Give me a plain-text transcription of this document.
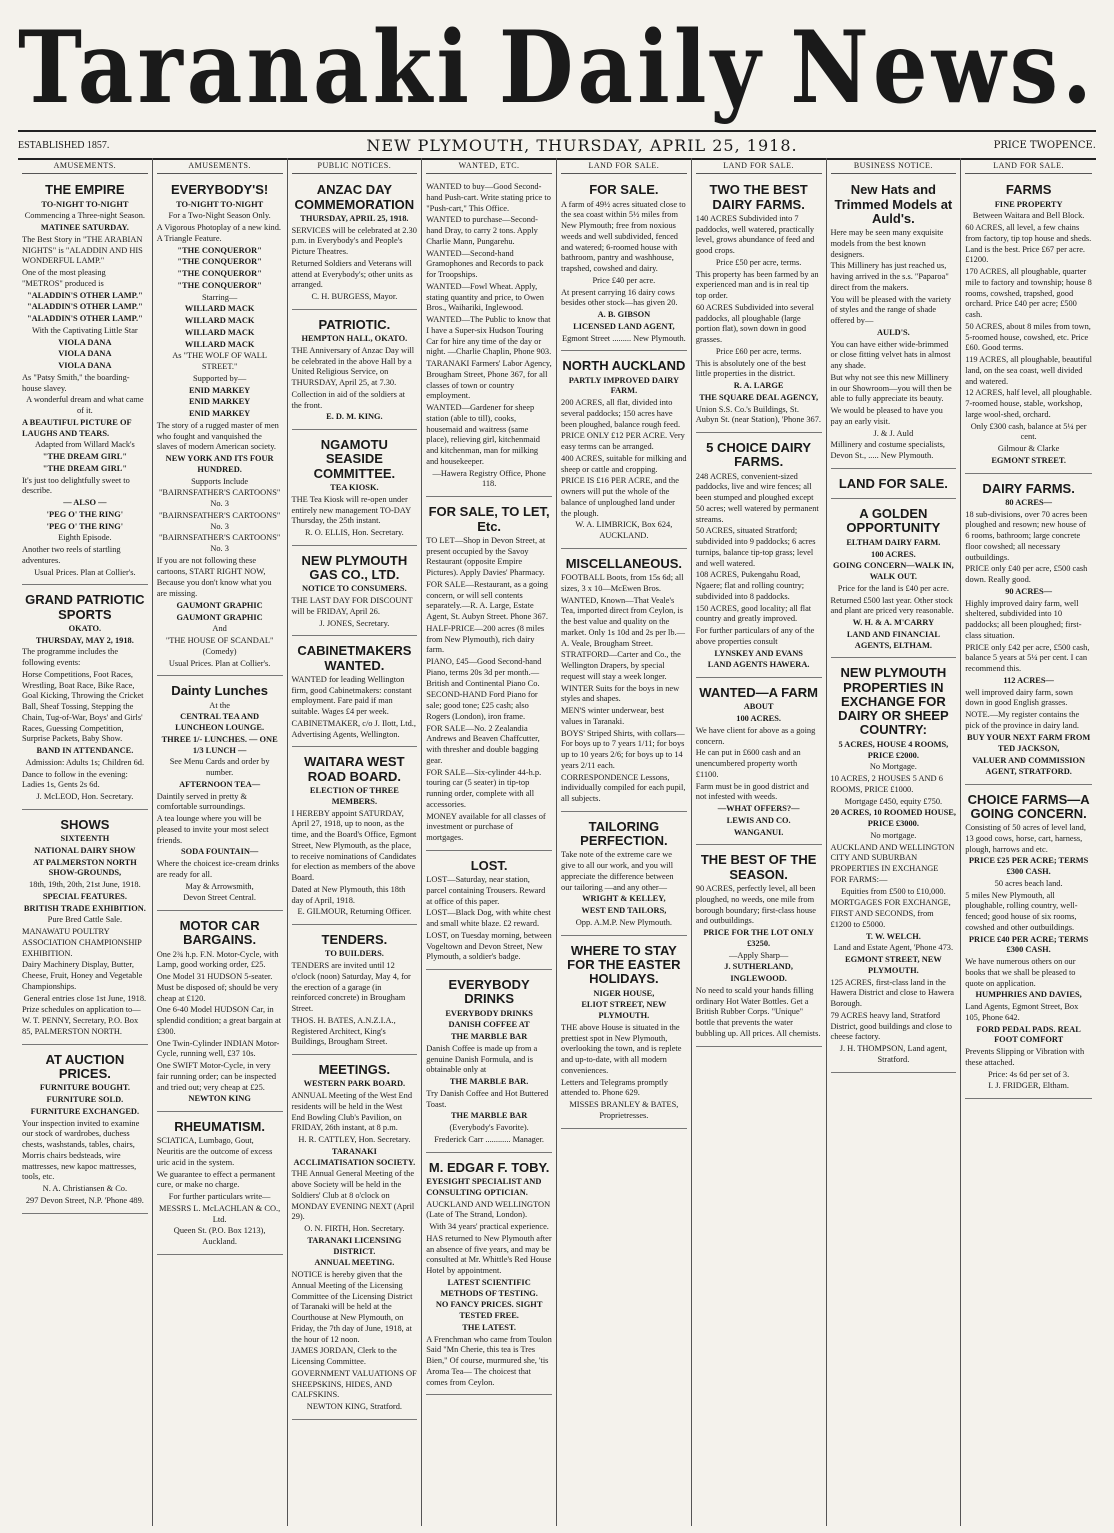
Taranaki Daily News.
ESTABLISHED 1857.	NEW PLYMOUTH, THURSDAY, APRIL 25, 1918.	PRICE TWOPENCE.
AMUSEMENTS.
THE EMPIRE

TO-NIGHT TO-NIGHT

Commencing a Three-night Season.

MATINEE SATURDAY.

The Best Story in "THE ARABIAN NIGHTS" is "ALADDIN AND HIS WONDERFUL LAMP."

One of the most pleasing "METROS" produced is

"ALADDIN'S OTHER LAMP."

"ALADDIN'S OTHER LAMP."

"ALADDIN'S OTHER LAMP."

With the Captivating Little Star

VIOLA DANA

VIOLA DANA

VIOLA DANA

As "Patsy Smith," the boarding-house slavey.

A wonderful dream and what came of it.

A BEAUTIFUL PICTURE OF LAUGHS AND TEARS.

Adapted from Willard Mack's

"THE DREAM GIRL"

"THE DREAM GIRL"

It's just too delightfully sweet to describe.

— ALSO —

'PEG O' THE RING'

'PEG O' THE RING'

Eighth Episode.

Another two reels of startling adventures.

Usual Prices. Plan at Collier's.

GRAND PATRIOTIC SPORTS

OKATO.

THURSDAY, MAY 2, 1918.

The programme includes the following events:

Horse Competitions, Foot Races, Wrestling, Boat Race, Bike Race, Goal Kicking, Throwing the Cricket Ball, Sheaf Tossing, Stepping the Chain, Tug-of-War, Boys' and Girls' Races, Guessing Competition, Surprise Packets, Baby Show.

BAND IN ATTENDANCE.

Admission: Adults 1s; Children 6d.

Dance to follow in the evening: Ladies 1s, Gents 2s 6d.

J. McLEOD, Hon. Secretary.

SHOWS

SIXTEENTH

NATIONAL DAIRY SHOW

AT PALMERSTON NORTH SHOW-GROUNDS,

18th, 19th, 20th, 21st June, 1918.

SPECIAL FEATURES.

BRITISH TRADE EXHIBITION.

Pure Bred Cattle Sale.

MANAWATU POULTRY ASSOCIATION CHAMPIONSHIP EXHIBITION.

Dairy Machinery Display, Butter, Cheese, Fruit, Honey and Vegetable Championships.

General entries close 1st June, 1918.

Prize schedules on application to— W. T. PENNY, Secretary, P.O. Box 85, PALMERSTON NORTH.

AT AUCTION PRICES.

FURNITURE BOUGHT.

FURNITURE SOLD.

FURNITURE EXCHANGED.

Your inspection invited to examine our stock of wardrobes, duchess chests, washstands, tables, chairs, Morris chairs bedsteads, wire mattresses, new kapoc mattresses, tools, etc.

N. A. Christiansen & Co.

297 Devon Street, N.P. 'Phone 489.

AMUSEMENTS.
EVERYBODY'S!

TO-NIGHT TO-NIGHT

For a Two-Night Season Only.

A Vigorous Photoplay of a new kind. A Triangle Feature.

"THE CONQUEROR"

"THE CONQUEROR"

"THE CONQUEROR"

"THE CONQUEROR"

Starring—

WILLARD MACK

WILLARD MACK

WILLARD MACK

WILLARD MACK

As "THE WOLF OF WALL STREET."

Supported by—

ENID MARKEY

ENID MARKEY

ENID MARKEY

The story of a rugged master of men who fought and vanquished the slaves of modern American society.

NEW YORK AND ITS FOUR HUNDRED.

Supports Include

"BAIRNSFATHER'S CARTOONS" No. 3

"BAIRNSFATHER'S CARTOONS" No. 3

"BAIRNSFATHER'S CARTOONS" No. 3

If you are not following these cartoons, START RIGHT NOW,

Because you don't know what you are missing.

GAUMONT GRAPHIC

GAUMONT GRAPHIC

And

"THE HOUSE OF SCANDAL" (Comedy)

Usual Prices. Plan at Collier's.

Dainty Lunches

At the

CENTRAL TEA AND LUNCHEON LOUNGE.

THREE 1/- LUNCHES. — ONE 1/3 LUNCH —

See Menu Cards and order by number.

AFTERNOON TEA—

Daintily served in pretty & comfortable surroundings.

A tea lounge where you will be pleased to invite your most select friends.

SODA FOUNTAIN—

Where the choicest ice-cream drinks are ready for all.

May & Arrowsmith,

Devon Street Central.

MOTOR CAR BARGAINS.

One 2¾ h.p. F.N. Motor-Cycle, with Lamp, good working order, £25.

One Model 31 HUDSON 5-seater. Must be disposed of; should be very cheap at £120.

One 6-40 Model HUDSON Car, in splendid condition; a great bargain at £300.

One Twin-Cylinder INDIAN Motor-Cycle, running well, £37 10s.

One SWIFT Motor-Cycle, in very fair running order; can be inspected and tried out; very cheap at £25.

NEWTON KING

RHEUMATISM.

SCIATICA, Lumbago, Gout, Neuritis are the outcome of excess uric acid in the system.

We guarantee to effect a permanent cure, or make no charge.

For further particulars write—

MESSRS L. McLACHLAN & CO., Ltd.

Queen St. (P.O. Box 1213), Auckland.

PUBLIC NOTICES.
ANZAC DAY COMMEMORATION

THURSDAY, APRIL 25, 1918.

SERVICES will be celebrated at 2.30 p.m. in Everybody's and People's Picture Theatres.

Returned Soldiers and Veterans will attend at Everybody's; other units as arranged.

C. H. BURGESS, Mayor.

PATRIOTIC.

HEMPTON HALL, OKATO.

THE Anniversary of Anzac Day will be celebrated in the above Hall by a United Religious Service, on THURSDAY, April 25, at 7.30.

Collection in aid of the soldiers at the front.

E. D. M. KING.

NGAMOTU SEASIDE COMMITTEE.

TEA KIOSK.

THE Tea Kiosk will re-open under entirely new management TO-DAY Thursday, the 25th instant.

R. O. ELLIS, Hon. Secretary.

NEW PLYMOUTH GAS CO., LTD.

NOTICE TO CONSUMERS.

THE LAST DAY FOR DISCOUNT will be FRIDAY, April 26.

J. JONES, Secretary.

CABINETMAKERS WANTED.

WANTED for leading Wellington firm, good Cabinetmakers: constant employment. Fare paid if man suitable. Wages £4 per week.

CABINETMAKER, c/o J. Ilott, Ltd., Advertising Agents, Wellington.

WAITARA WEST ROAD BOARD.

ELECTION OF THREE MEMBERS.

I HEREBY appoint SATURDAY, April 27, 1918, up to noon, as the time, and the Board's Office, Egmont Street, New Plymouth, as the place, to receive nominations of Candidates for election as members of the above Board.

Dated at New Plymouth, this 18th day of April, 1918.

E. GILMOUR, Returning Officer.

TENDERS.

TO BUILDERS.

TENDERS are invited until 12 o'clock (noon) Saturday, May 4, for the erection of a garage (in reinforced concrete) in Brougham Street.

THOS. H. BATES, A.N.Z.I.A., Registered Architect, King's Buildings, Brougham Street.

MEETINGS.

WESTERN PARK BOARD.

ANNUAL Meeting of the West End residents will be held in the West End Bowling Club's Pavilion, on FRIDAY, 26th instant, at 8 p.m.

H. R. CATTLEY, Hon. Secretary.

TARANAKI ACCLIMATISATION SOCIETY.

THE Annual General Meeting of the above Society will be held in the Soldiers' Club at 8 o'clock on MONDAY EVENING NEXT (April 29).

O. N. FIRTH, Hon. Secretary.

TARANAKI LICENSING DISTRICT.

ANNUAL MEETING.

NOTICE is hereby given that the Annual Meeting of the Licensing Committee of the Licensing District of Taranaki will be held at the Courthouse at New Plymouth, on Friday, the 7th day of June, 1918, at the hour of 12 noon.

JAMES JORDAN, Clerk to the Licensing Committee.

GOVERNMENT VALUATIONS OF SHEEPSKINS, HIDES, AND CALFSKINS.

NEWTON KING, Stratford.

WANTED, ETC.

WANTED to buy—Good Second-hand Push-cart. Write stating price to "Push-cart," This Office.

WANTED to purchase—Second-hand Dray, to carry 2 tons. Apply Charlie Mann, Pungarehu.

WANTED—Second-hand Gramophones and Records to pack for Troopships.

WANTED—Fowl Wheat. Apply, stating quantity and price, to Owen Bros., Waihariki, Inglewood.

WANTED—The Public to know that I have a Super-six Hudson Touring Car for hire any time of the day or night. —Charlie Chaplin, Phone 903.

TARANAKI Farmers' Labor Agency, Brougham Street, Phone 367, for all classes of town or country employment.

WANTED—Gardener for sheep station (able to till), cooks, housemaid and waitress (same place), relieving girl, kitchenmaid and kitchenman, man for milking and housekeeper.

—Hawera Registry Office, Phone 118.

FOR SALE, TO LET, Etc.

TO LET—Shop in Devon Street, at present occupied by the Savoy Restaurant (opposite Empire Pictures). Apply Davies' Pharmacy.

FOR SALE—Restaurant, as a going concern, or will sell contents separately.—R. A. Large, Estate Agent, St. Aubyn Street. Phone 367.

HALF-PRICE—200 acres (8 miles from New Plymouth), rich dairy farm.

PIANO, £45—Good Second-hand Piano, terms 20s 3d per month.—British and Continental Piano Co.

SECOND-HAND Ford Piano for sale; good tone; £25 cash; also Rogers (London), iron frame.

FOR SALE—No. 2 Zealandia Andrews and Beaven Chaffcutter, with thresher and double bagging gear.

FOR SALE—Six-cylinder 44-h.p. touring car (5 seater) in tip-top running order, complete with all accessories.

MONEY available for all classes of investment or purchase of mortgages.

LOST.

LOST—Saturday, near station, parcel containing Trousers. Reward at office of this paper.

LOST—Black Dog, with white chest and small white blaze. £2 reward.

LOST, on Tuesday morning, between Vogeltown and Devon Street, New Plymouth, a soldier's badge.

EVERYBODY DRINKS

EVERYBODY DRINKS

DANISH COFFEE AT

THE MARBLE BAR

Danish Coffee is made up from a genuine Danish Formula, and is obtainable only at

THE MARBLE BAR.

Try Danish Coffee and Hot Buttered Toast.

THE MARBLE BAR

(Everybody's Favorite).

Frederick Carr ............ Manager.

M. EDGAR F. TOBY.

EYESIGHT SPECIALIST AND CONSULTING OPTICIAN.

AUCKLAND AND WELLINGTON (Late of The Strand, London).

With 34 years' practical experience.

HAS returned to New Plymouth after an absence of five years, and may be consulted at Mr. Whittle's Red House Hotel by appointment.

LATEST SCIENTIFIC METHODS OF TESTING.

NO FANCY PRICES. SIGHT TESTED FREE.

THE LATEST.

A Frenchman who came from Toulon Said "Mn Cherie, this tea is Tres Bien," Of course, murmured she, 'tis Aroma Tea— The choicest that comes from Ceylon.

LAND FOR SALE.
FOR SALE.

A farm of 49½ acres situated close to the sea coast within 5½ miles from New Plymouth; free from noxious weeds and well subdivided, fenced and watered; 6-roomed house with bathroom, pantry and washhouse, trapshed, cowshed and dairy.

Price £40 per acre.

At present carrying 16 dairy cows besides other stock—has given 20.

A. B. GIBSON

LICENSED LAND AGENT,

Egmont Street ......... New Plymouth.

NORTH AUCKLAND

PARTLY IMPROVED DAIRY FARM.

200 ACRES, all flat, divided into several paddocks; 150 acres have been ploughed, balance rough feed.

PRICE ONLY £12 PER ACRE. Very easy terms can be arranged.

400 ACRES, suitable for milking and sheep or cattle and cropping.

PRICE IS £16 PER ACRE, and the owners will put the whole of the balance of unploughed land under the plough.

W. A. LIMBRICK, Box 624, AUCKLAND.

MISCELLANEOUS.

FOOTBALL Boots, from 15s 6d; all sizes, 3 x 10—McEwen Bros.

WANTED, Known—That Veale's Tea, imported direct from Ceylon, is the best value and quality on the market. Only 1s 10d and 2s per lb.—A. Veale, Brougham Street.

STRATFORD—Carter and Co., the Wellington Drapers, by special request will stay a week longer.

WINTER Suits for the boys in new styles and shapes.

MEN'S winter underwear, best values in Taranaki.

BOYS' Striped Shirts, with collars—For boys up to 7 years 1/11; for boys up to 10 years 2/6; for boys up to 14 years 2/11 each.

CORRESPONDENCE Lessons, individually compiled for each pupil, all subjects.

TAILORING PERFECTION.

Take note of the extreme care we give to all our work, and you will appreciate the difference between our tailoring —and any other—

WRIGHT & KELLEY,

WEST END TAILORS,

Opp. A.M.P. New Plymouth.

WHERE TO STAY FOR THE EASTER HOLIDAYS.

NIGER HOUSE,

ELIOT STREET, NEW PLYMOUTH.

THE above House is situated in the prettiest spot in New Plymouth, overlooking the town, and is replete and up-to-date, with all modern conveniences.

Letters and Telegrams promptly attended to. Phone 629.

MISSES BRANLEY & BATES, Proprietresses.

LAND FOR SALE.
TWO THE BEST DAIRY FARMS.

140 ACRES Subdivided into 7 paddocks, well watered, practically level, grows abundance of feed and good crops.

Price £50 per acre, terms.

This property has been farmed by an experienced man and is in real tip top order.

60 ACRES Subdivided into several paddocks, all ploughable (large portion flat), sown down in good grasses.

Price £60 per acre, terms.

This is absolutely one of the best little properties in the district.

R. A. LARGE

THE SQUARE DEAL AGENCY,

Union S.S. Co.'s Buildings, St. Aubyn St. (near Station), 'Phone 367.

5 CHOICE DAIRY FARMS.

248 ACRES, convenient-sized paddocks, live and wire fences; all been stumped and ploughed except 50 acres; well watered by permanent streams.

50 ACRES, situated Stratford; subdivided into 9 paddocks; 6 acres turnips, balance tip-top grass; level and well watered.

108 ACRES, Pukengahu Road, Ngaere; flat and rolling country; subdivided into 8 paddocks.

150 ACRES, good locality; all flat country and greatly improved.

For further particulars of any of the above properties consult

LYNSKEY AND EVANS

LAND AGENTS HAWERA.

WANTED—A FARM

ABOUT

100 ACRES.

We have client for above as a going concern.

He can put in £600 cash and an unencumbered property worth £1100.

Farm must be in good district and not infested with weeds.

—WHAT OFFERS?—

LEWIS AND CO.

WANGANUI.

THE BEST OF THE SEASON.

90 ACRES, perfectly level, all been ploughed, no weeds, one mile from borough boundary; first-class house and outbuildings.

PRICE FOR THE LOT ONLY £3250.

—Apply Sharp—

J. SUTHERLAND,

INGLEWOOD.

No need to scald your hands filling ordinary Hot Water Bottles. Get a British Rubber Corps. "Unique" bottle that prevents the water bubbling up. All prices. All chemists.

BUSINESS NOTICE.
New Hats and Trimmed Models at Auld's.

Here may be seen many exquisite models from the best known designers.

This Millinery has just reached us, having arrived in the s.s. "Paparoa" direct from the makers.

You will be pleased with the variety of styles and the range of shade offered by—

AULD'S.

You can have either wide-brimmed or close fitting velvet hats in almost any shade.

But why not see this new Millinery in our Showroom—you will then be able to fully appreciate its beauty.

We would be pleased to have you pay an early visit.

J. & J. Auld

Millinery and costume specialists, Devon St., ..... New Plymouth.

LAND FOR SALE.
A GOLDEN OPPORTUNITY

ELTHAM DAIRY FARM.

100 ACRES.

GOING CONCERN—WALK IN, WALK OUT.

Price for the land is £40 per acre.

Returned £500 last year. Other stock and plant are priced very reasonable.

W. H. & A. M'CARRY

LAND AND FINANCIAL AGENTS, ELTHAM.

NEW PLYMOUTH PROPERTIES IN EXCHANGE FOR DAIRY OR SHEEP COUNTRY:

5 ACRES, HOUSE 4 ROOMS, PRICE £2000.

No Mortgage.

10 ACRES, 2 HOUSES 5 AND 6 ROOMS, PRICE £1000.

Mortgage £450, equity £750.

20 ACRES, 10 ROOMED HOUSE, PRICE £3000.

No mortgage.

AUCKLAND AND WELLINGTON CITY AND SUBURBAN PROPERTIES IN EXCHANGE FOR FARMS:—

Equities from £500 to £10,000.

MORTGAGES FOR EXCHANGE, FIRST AND SECONDS, from £1200 to £5000.

T. W. WELCH.

Land and Estate Agent, 'Phone 473.

EGMONT STREET, NEW PLYMOUTH.

125 ACRES, first-class land in the Hawera District and close to Hawera Borough.

79 ACRES heavy land, Stratford District, good buildings and close to cheese factory.

J. H. THOMPSON, Land agent, Stratford.

LAND FOR SALE.
FARMS

FINE PROPERTY

Between Waitara and Bell Block.

60 ACRES, all level, a few chains from factory, tip top house and sheds. Land is the best. Price £67 per acre. £1200.

170 ACRES, all ploughable, quarter mile to factory and township; house 8 rooms, cowshed, trapshed, good orchard. Price £40 per acre; £500 cash.

50 ACRES, about 8 miles from town, 5-roomed house, cowshed, etc. Price £60. Good terms.

119 ACRES, all ploughable, beautiful land, on the sea coast, well divided and watered.

12 ACRES, half level, all ploughable. 7-roomed house, stable, workshop, large wool-shed, orchard.

Only £300 cash, balance at 5¼ per cent.

Gilmour & Clarke

EGMONT STREET.

DAIRY FARMS.

80 ACRES—

18 sub-divisions, over 70 acres been ploughed and resown; new house of 6 rooms, bathroom; large concrete floor cowshed; all necessary outbuildings.

PRICE only £40 per acre, £500 cash down. Really good.

90 ACRES—

Highly improved dairy farm, well sheltered, subdivided into 10 paddocks; all been ploughed; first-class situation.

PRICE only £42 per acre, £500 cash, balance 5 years at 5¼ per cent. I can recommend this.

112 ACRES—

well improved dairy farm, sown down in good English grasses.

NOTE.—My register contains the pick of the province in dairy land.

BUY YOUR NEXT FARM FROM

TED JACKSON,

VALUER AND COMMISSION AGENT, STRATFORD.

CHOICE FARMS—A GOING CONCERN.

Consisting of 50 acres of level land, 13 good cows, horse, cart, harness, plough, harrows and etc.

PRICE £25 PER ACRE; TERMS £300 CASH.

50 acres beach land.

5 miles New Plymouth, all ploughable, rolling country, well-fenced; good house of six rooms, cowshed and other outbuildings.

PRICE £40 PER ACRE; TERMS £300 CASH.

We have numerous others on our books that we shall be pleased to quote on application.

HUMPHRIES AND DAVIES,

Land Agents, Egmont Street, Box 105, Phone 642.

FORD PEDAL PADS. REAL FOOT COMFORT

Prevents Slipping or Vibration with these attached.

Price: 4s 6d per set of 3.

I. J. FRIDGER, Eltham.
